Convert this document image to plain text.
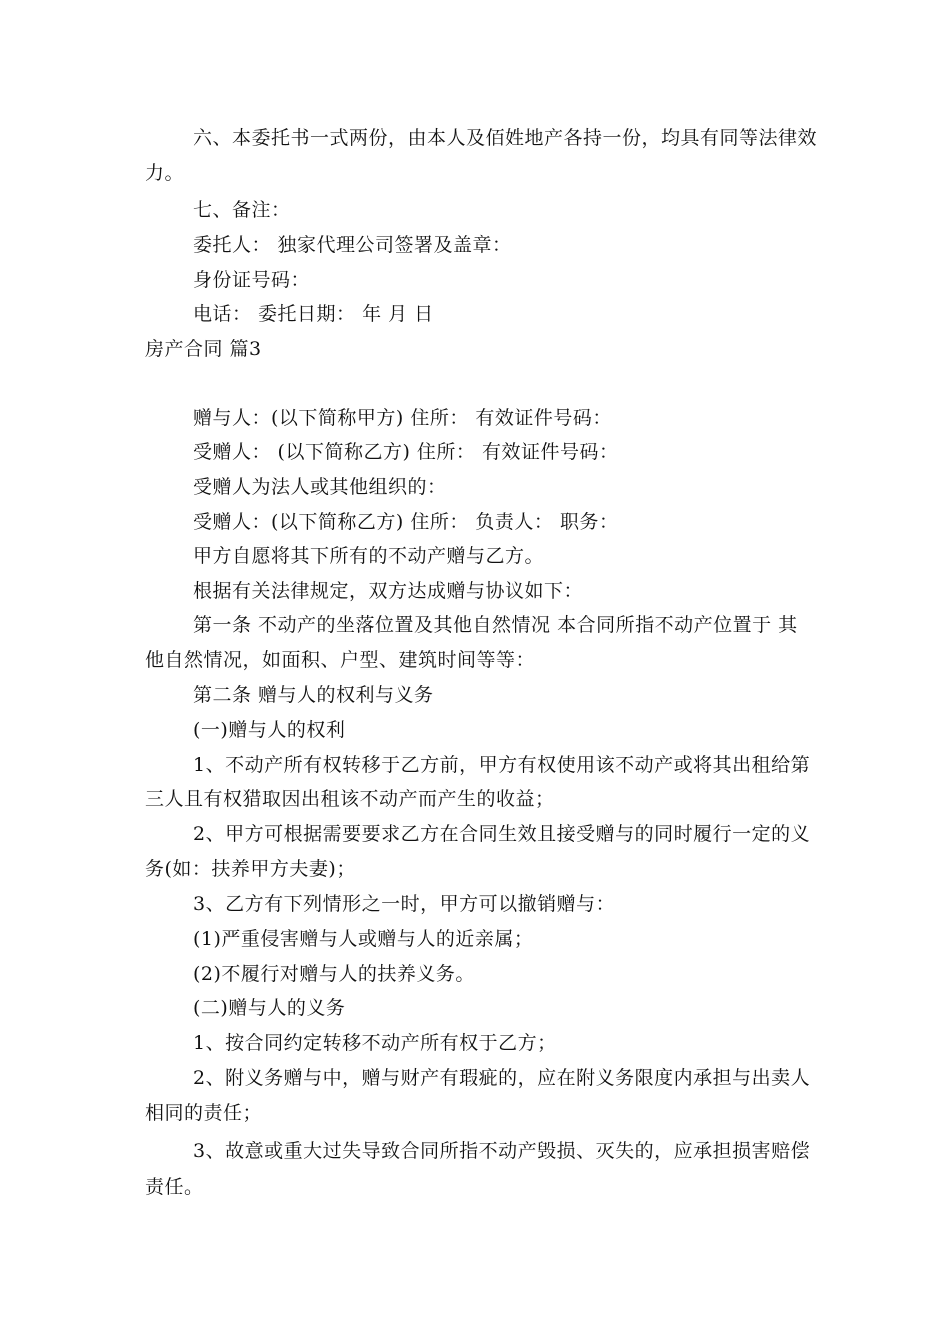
六、本委托书一式两份，由本人及佰姓地产各持一份，均具有同等法律效
力。
七、备注：
委托人： 独家代理公司签署及盖章：
身份证号码：
电话： 委托日期： 年 月 日
房产合同 篇3
赠与人：(以下简称甲方) 住所： 有效证件号码：
受赠人： (以下简称乙方) 住所： 有效证件号码：
受赠人为法人或其他组织的：
受赠人：(以下简称乙方) 住所： 负责人： 职务：
甲方自愿将其下所有的不动产赠与乙方。
根据有关法律规定，双方达成赠与协议如下：
第一条 不动产的坐落位置及其他自然情况 本合同所指不动产位置于 其
他自然情况，如面积、户型、建筑时间等等：
第二条 赠与人的权利与义务
(一)赠与人的权利
1、不动产所有权转移于乙方前，甲方有权使用该不动产或将其出租给第
三人且有权猎取因出租该不动产而产生的收益；
2、甲方可根据需要要求乙方在合同生效且接受赠与的同时履行一定的义
务(如：扶养甲方夫妻)；
3、乙方有下列情形之一时，甲方可以撤销赠与：
(1)严重侵害赠与人或赠与人的近亲属；
(2)不履行对赠与人的扶养义务。
(二)赠与人的义务
1、按合同约定转移不动产所有权于乙方；
2、附义务赠与中，赠与财产有瑕疵的，应在附义务限度内承担与出卖人
相同的责任；
3、故意或重大过失导致合同所指不动产毁损、灭失的，应承担损害赔偿
责任。
